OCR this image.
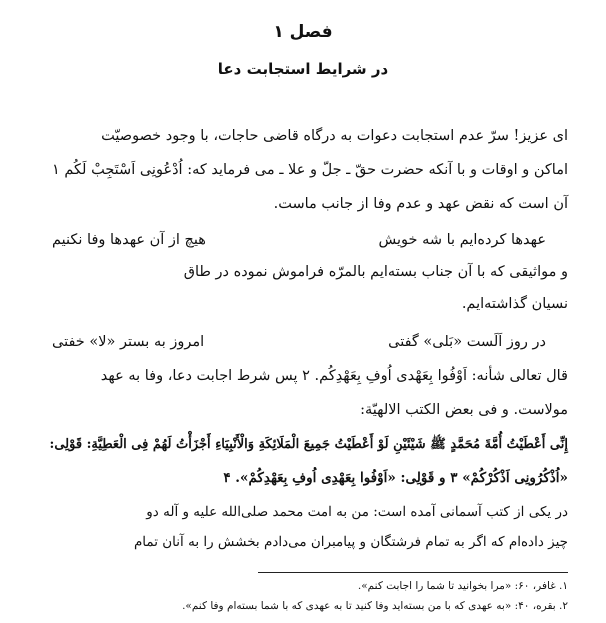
فصل ۱
در شرایط استجابت دعا
ای عزیز! سرّ عدم استجابت دعوات به درگاه قاضی حاجات، با وجود خصوصیّت
اماکن و اوقات و با آنکه حضرت حقّ ـ جلّ و علا ـ می فرماید که: اُدْعُونِی اَسْتَجِبْ لَکُم ۱
آن است که نقض عهد و عدم وفا از جانب ماست.
عهدها کرده‌ایم با شه خویش
هیچ از آن عهدها وفا نکنیم
و مواثیقی که با آن جناب بسته‌ایم بالمرّه فراموش نموده در طاق
نسیان گذاشته‌ایم.
در روز اَلَست «بَلی» گفتی
امروز به بستر «لا» خفتی
قال تعالی شأنه: اَوْفُوا بِعَهْدی اُوفِ بِعَهْدِکُم. ۲ پس شرط اجابت دعا، وفا به عهد
مولاست. و فی بعض الکتب الالهیّة:
إِنِّی أَعْطَیْتُ أُمَّةَ مُحَمَّدٍ ﷺ شَیْئَیْنِ لَوْ أَعْطَیْتُ جَمِیعَ الْمَلَائِکَةِ وَالْأَنْبِیَاءِ أَجْزَأْتُ لَهُمْ فِی الْعَطِیَّةِ: قَوْلِی:
«اُذْکُرُونِی اَذْکُرْکُمْ» ۳ و قَوْلِی: «اَوْفُوا بِعَهْدِی اُوفِ بِعَهْدِکُمْ». ۴
در یکی از کتب آسمانی آمده است: من به امت محمد صلی‌الله علیه و آله دو
چیز داده‌ام که اگر به تمام فرشتگان و پیامبران می‌دادم بخشش را به آنان تمام
۱. غافر، ۶۰: «مرا بخوانید تا شما را اجابت کنم».
۲. بقره، ۴۰: «به عهدی که با من بسته‌اید وفا کنید تا به عهدی که با شما بسته‌ام وفا کنم».
